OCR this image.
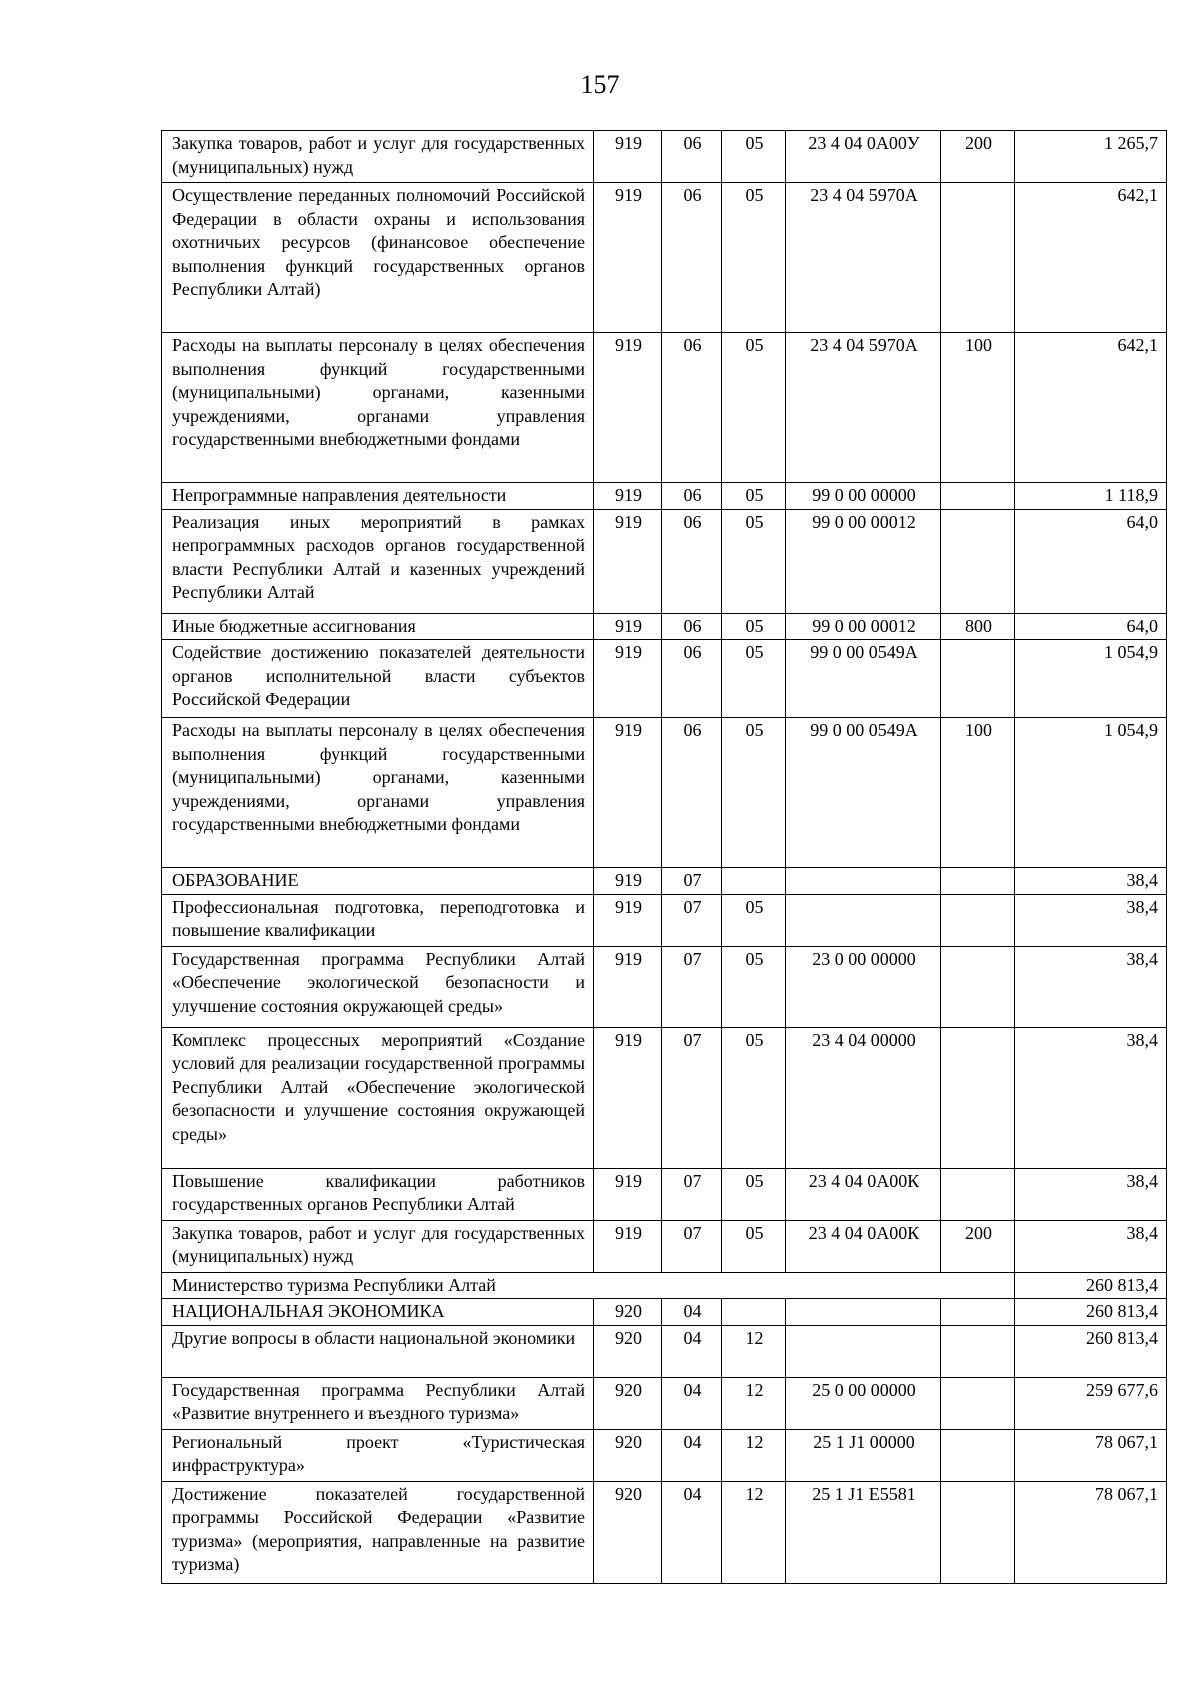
157
Закупка товаров, работ и услуг для государственных (муниципальных) нужд	919	06	05	23 4 04 0А00У	200	1 265,7
Осуществление переданных полномочий Российской Федерации в области охраны и использования охотничьих ресурсов (финансовое обеспечение выполнения функций государственных органов Республики Алтай)	919	06	05	23 4 04 5970А		642,1
Расходы на выплаты персоналу в целях обеспечения выполнения функций государственными (муниципальными) органами, казенными учреждениями, органами управления государственными внебюджетными фондами	919	06	05	23 4 04 5970А	100	642,1
Непрограммные направления деятельности	919	06	05	99 0 00 00000		1 118,9
Реализация иных мероприятий в рамках непрограммных расходов органов государственной власти Республики Алтай и казенных учреждений Республики Алтай	919	06	05	99 0 00 00012		64,0
Иные бюджетные ассигнования	919	06	05	99 0 00 00012	800	64,0
Содействие достижению показателей деятельности органов исполнительной власти субъектов Российской Федерации	919	06	05	99 0 00 0549А		1 054,9
Расходы на выплаты персоналу в целях обеспечения выполнения функций государственными (муниципальными) органами, казенными учреждениями, органами управления государственными внебюджетными фондами	919	06	05	99 0 00 0549А	100	1 054,9
ОБРАЗОВАНИЕ	919	07				38,4
Профессиональная подготовка, переподготовка и повышение квалификации	919	07	05			38,4
Государственная программа Республики Алтай «Обеспечение экологической безопасности и улучшение состояния окружающей среды»	919	07	05	23 0 00 00000		38,4
Комплекс процессных мероприятий «Создание условий для реализации государственной программы Республики Алтай «Обеспечение экологической безопасности и улучшение состояния окружающей среды»	919	07	05	23 4 04 00000		38,4
Повышение квалификации работников государственных органов Республики Алтай	919	07	05	23 4 04 0А00К		38,4
Закупка товаров, работ и услуг для государственных (муниципальных) нужд	919	07	05	23 4 04 0А00К	200	38,4
Министерство туризма Республики Алтай						260 813,4
НАЦИОНАЛЬНАЯ ЭКОНОМИКА	920	04				260 813,4
Другие вопросы в области национальной экономики	920	04	12			260 813,4
Государственная программа Республики Алтай «Развитие внутреннего и въездного туризма»	920	04	12	25 0 00 00000		259 677,6
Региональный проект «Туристическая инфраструктура»	920	04	12	25 1 J1 00000		78 067,1
Достижение показателей государственной программы Российской Федерации «Развитие туризма» (мероприятия, направленные на развитие туризма)	920	04	12	25 1 J1 E5581		78 067,1
